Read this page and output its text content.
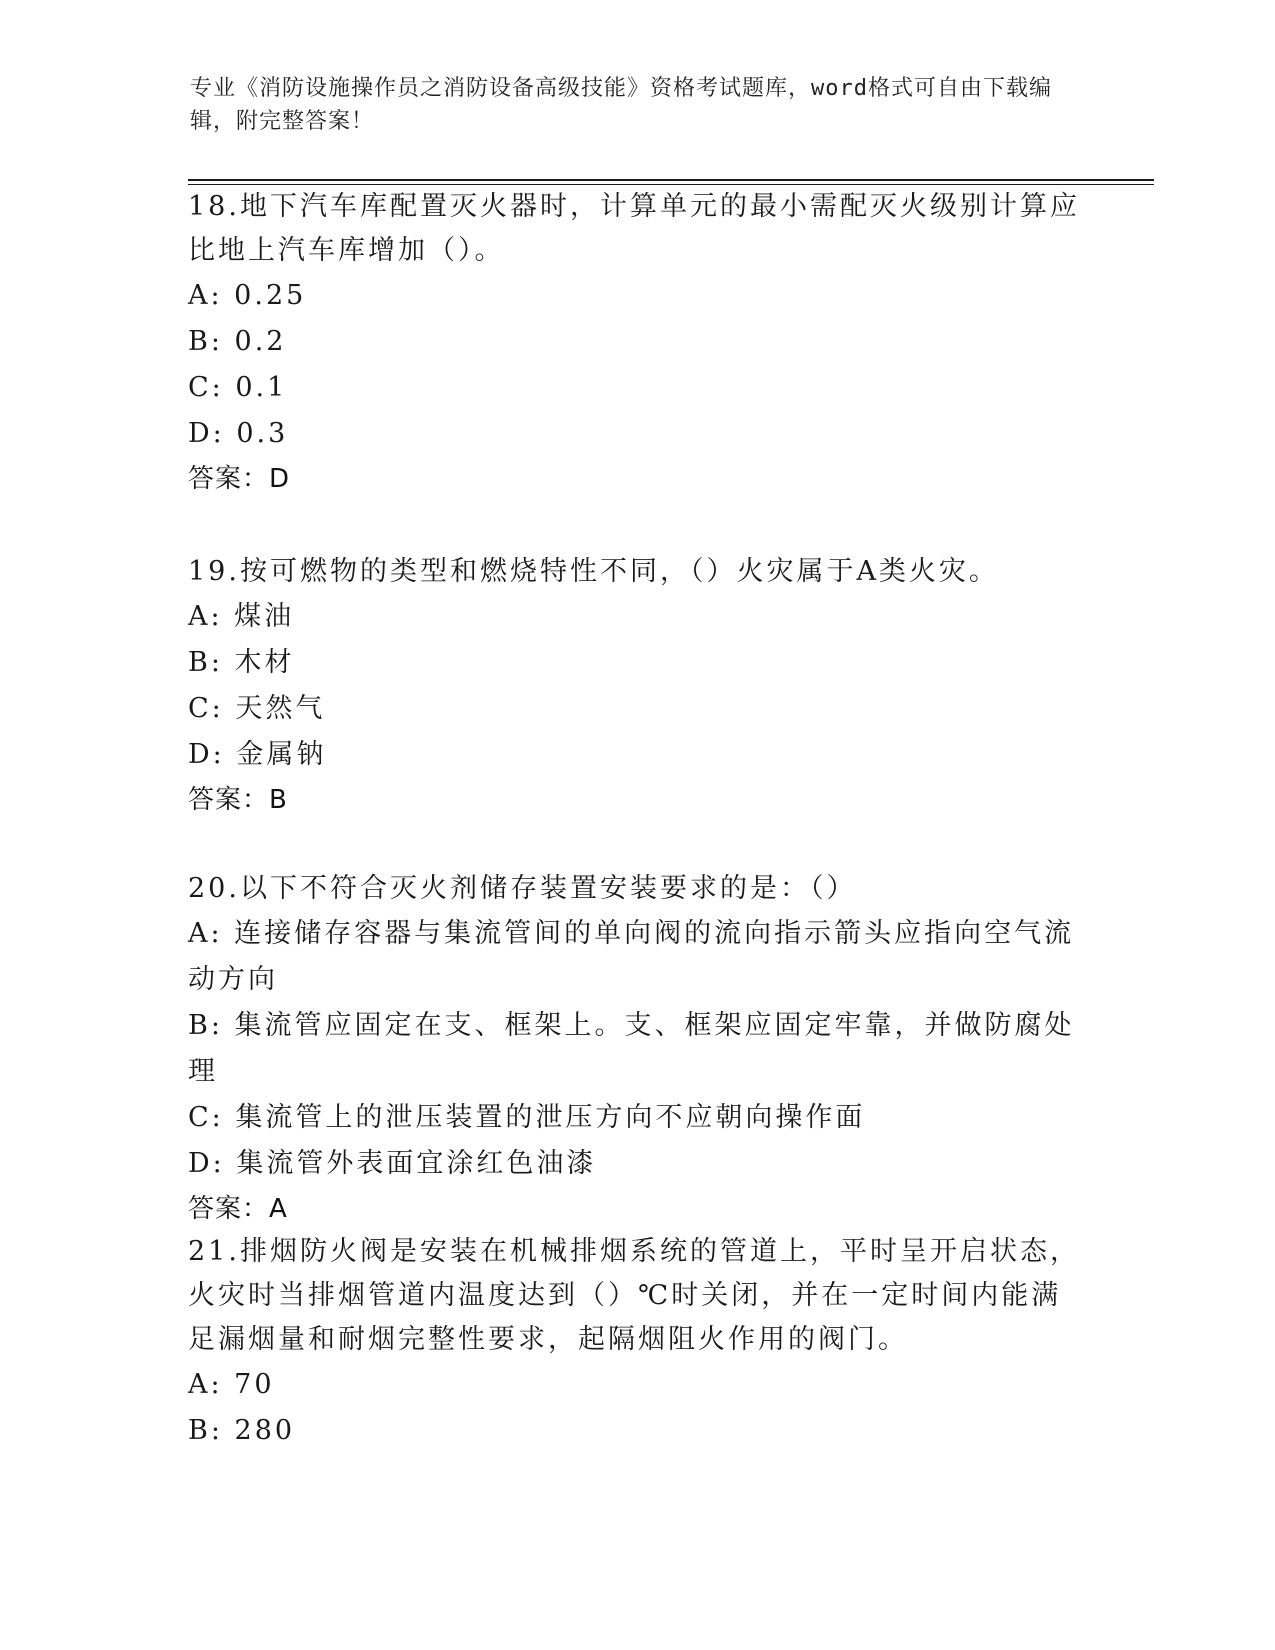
专业《消防设施操作员之消防设备高级技能》资格考试题库，word格式可自由下载编辑，附完整答案！

18.地下汽车库配置灭火器时，计算单元的最小需配灭火级别计算应比地上汽车库增加（）。

A: 0.25

B: 0.2

C: 0.1

D: 0.3

答案：D

19.按可燃物的类型和燃烧特性不同，（）火灾属于A类火灾。

A: 煤油

B: 木材

C: 天然气

D: 金属钠

答案：B

20.以下不符合灭火剂储存装置安装要求的是：（）

A: 连接储存容器与集流管间的单向阀的流向指示箭头应指向空气流动方向

B: 集流管应固定在支、框架上。支、框架应固定牢靠，并做防腐处理

C: 集流管上的泄压装置的泄压方向不应朝向操作面

D: 集流管外表面宜涂红色油漆

答案：A

21.排烟防火阀是安装在机械排烟系统的管道上，平时呈开启状态，火灾时当排烟管道内温度达到（）℃时关闭，并在一定时间内能满足漏烟量和耐烟完整性要求，起隔烟阻火作用的阀门。

A: 70

B: 280
